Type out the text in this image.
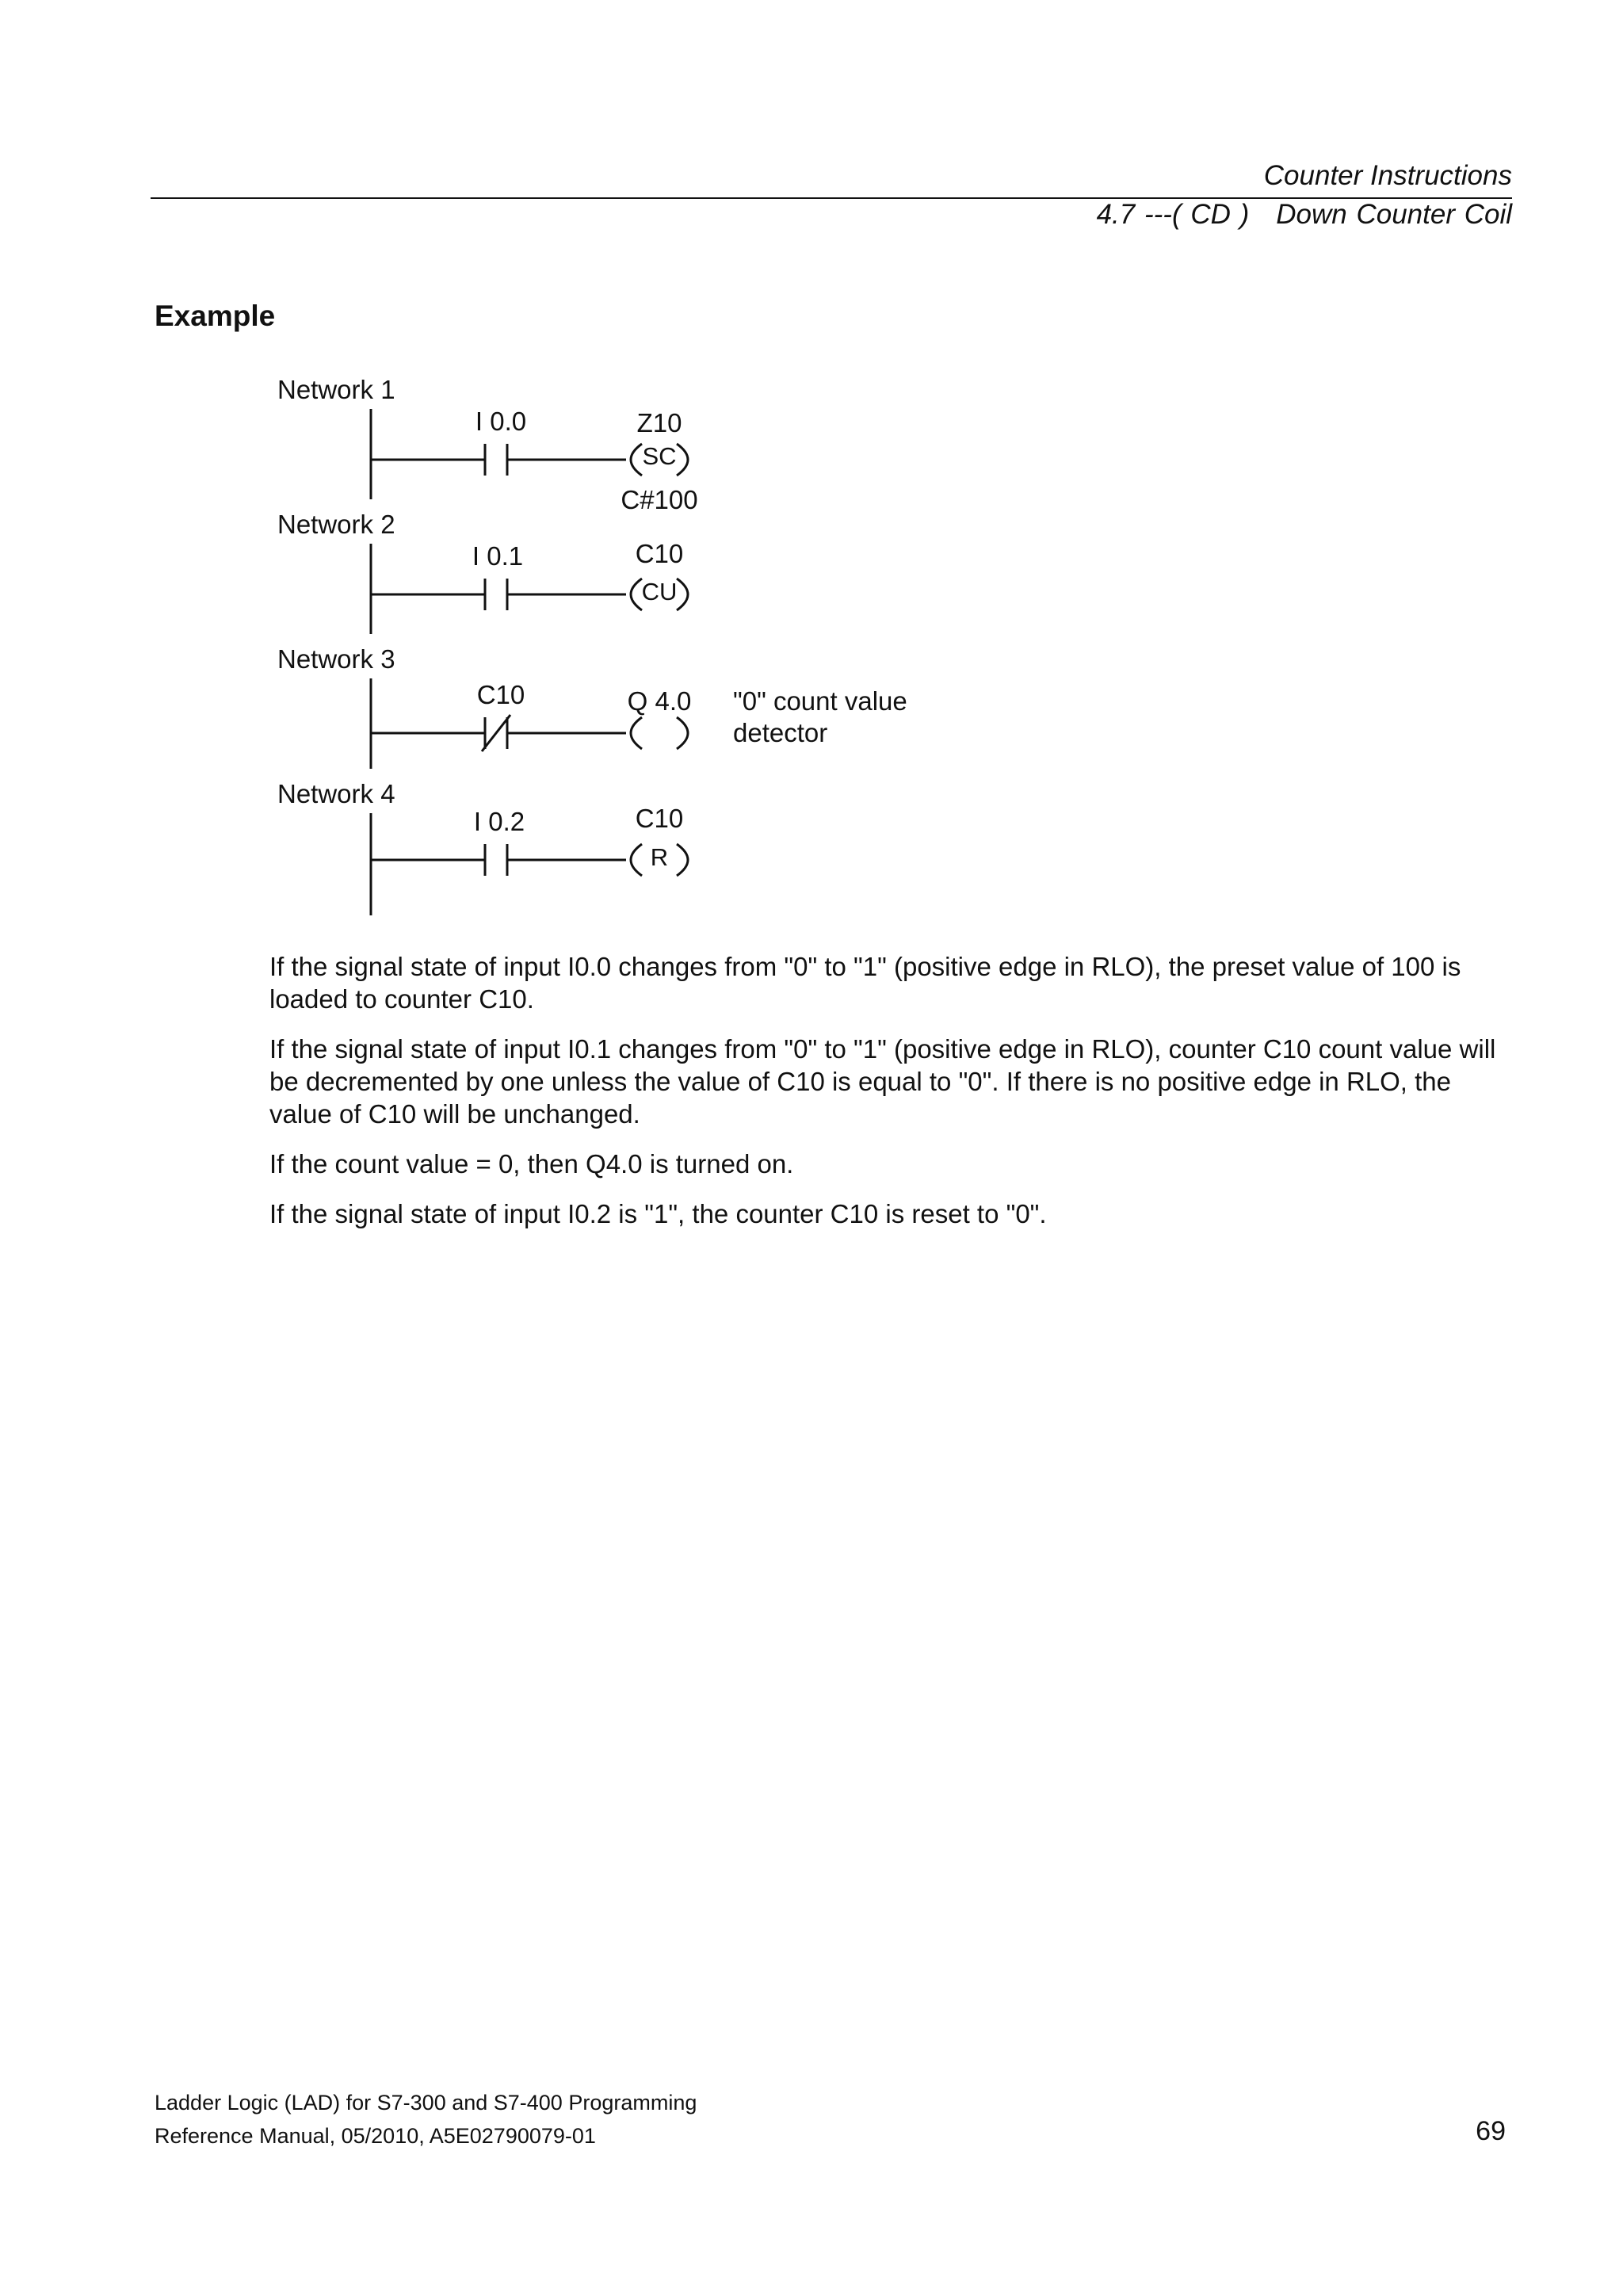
Counter Instructions
4.7 ---( CD ) Down Counter Coil
Example
Network 1
I 0.0	Z10
SC
C#100
Network 2
I 0.1	C10
CU
Network 3
C10	Q 4.0 "0" count value
detector
Network 4
I 0.2	C10
R

If the signal state of input I0.0 changes from "0" to "1" (positive edge in RLO), the preset value of 100 is loaded to counter C10.

If the signal state of input I0.1 changes from "0" to "1" (positive edge in RLO), counter C10 count value will be decremented by one unless the value of C10 is equal to "0". If there is no positive edge in RLO, the value of C10 will be unchanged.

If the count value = 0, then Q4.0 is turned on.

If the signal state of input I0.2 is "1", the counter C10 is reset to "0".

Ladder Logic (LAD) for S7-300 and S7-400 Programming
Reference Manual, 05/2010, A5E02790079-01	69
